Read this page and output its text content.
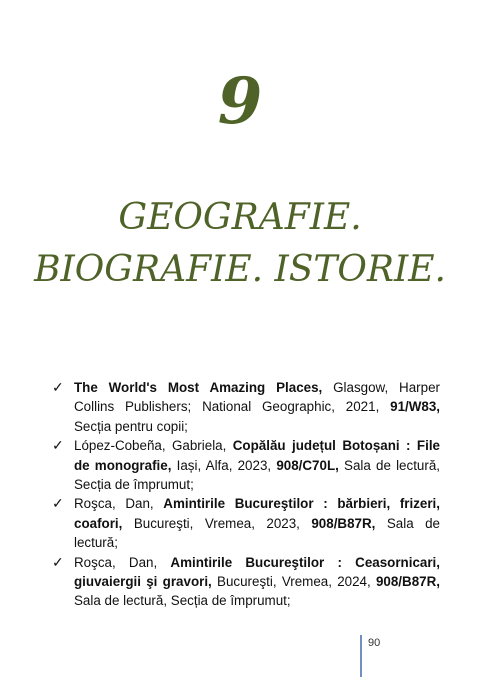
9
GEOGRAFIE.
BIOGRAFIE. ISTORIE.
✓ The World's Most Amazing Places, Glasgow, Harper Collins Publishers; National Geographic, 2021, 91/W83, Secția pentru copii;
✓ López-Cobeña, Gabriela, Copălău județul Botoșani : File de monografie, Iași, Alfa, 2023, 908/C70L, Sala de lectură, Secția de împrumut;
✓ Roşca, Dan, Amintirile Bucureştilor : bărbieri, frizeri, coafori, Bucureşti, Vremea, 2023, 908/B87R, Sala de lectură;
✓ Roşca, Dan, Amintirile Bucureştilor : Ceasornicari, giuvaiergii şi gravori, Bucureşti, Vremea, 2024, 908/B87R, Sala de lectură, Secția de împrumut;
90
